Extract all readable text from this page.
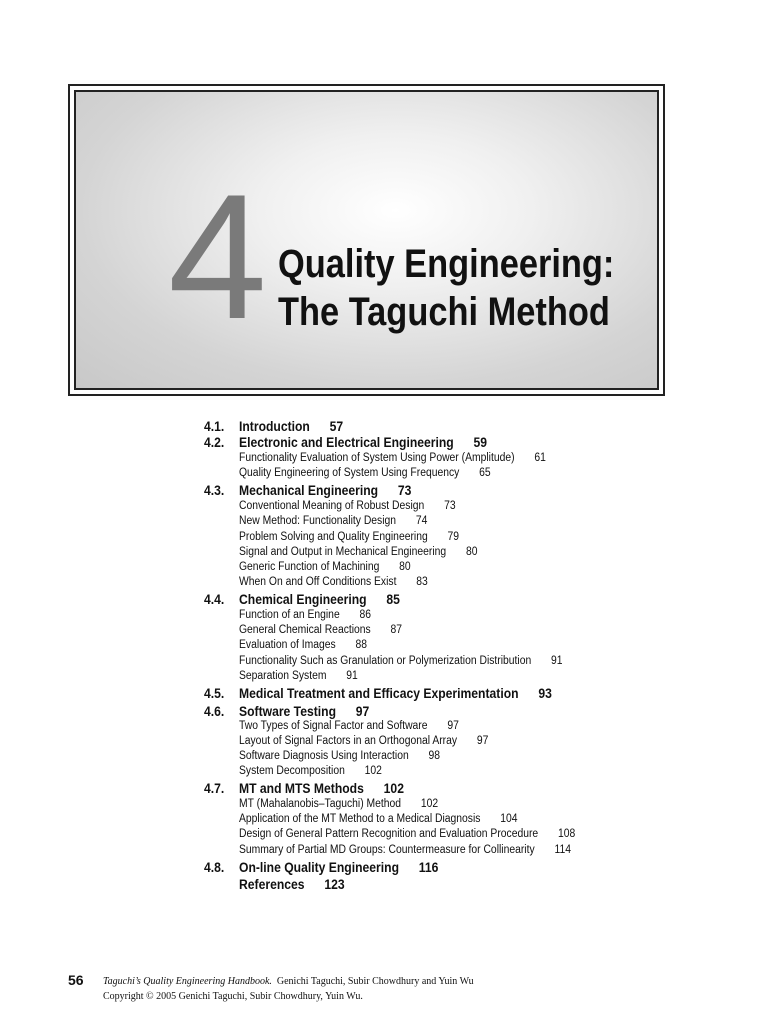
4 Quality Engineering:
The Taguchi Method
4.1. Introduction 57
4.2. Electronic and Electrical Engineering 59
Functionality Evaluation of System Using Power (Amplitude) 61
Quality Engineering of System Using Frequency 65
4.3. Mechanical Engineering 73
Conventional Meaning of Robust Design 73
New Method: Functionality Design 74
Problem Solving and Quality Engineering 79
Signal and Output in Mechanical Engineering 80
Generic Function of Machining 80
When On and Off Conditions Exist 83
4.4. Chemical Engineering 85
Function of an Engine 86
General Chemical Reactions 87
Evaluation of Images 88
Functionality Such as Granulation or Polymerization Distribution 91
Separation System 91
4.5. Medical Treatment and Efficacy Experimentation 93
4.6. Software Testing 97
Two Types of Signal Factor and Software 97
Layout of Signal Factors in an Orthogonal Array 97
Software Diagnosis Using Interaction 98
System Decomposition 102
4.7. MT and MTS Methods 102
MT (Mahalanobis–Taguchi) Method 102
Application of the MT Method to a Medical Diagnosis 104
Design of General Pattern Recognition and Evaluation Procedure 108
Summary of Partial MD Groups: Countermeasure for Collinearity 114
4.8. On-line Quality Engineering 116
References 123
56 Taguchi’s Quality Engineering Handbook. Genichi Taguchi, Subir Chowdhury and Yuin Wu
Copyright © 2005 Genichi Taguchi, Subir Chowdhury, Yuin Wu.
